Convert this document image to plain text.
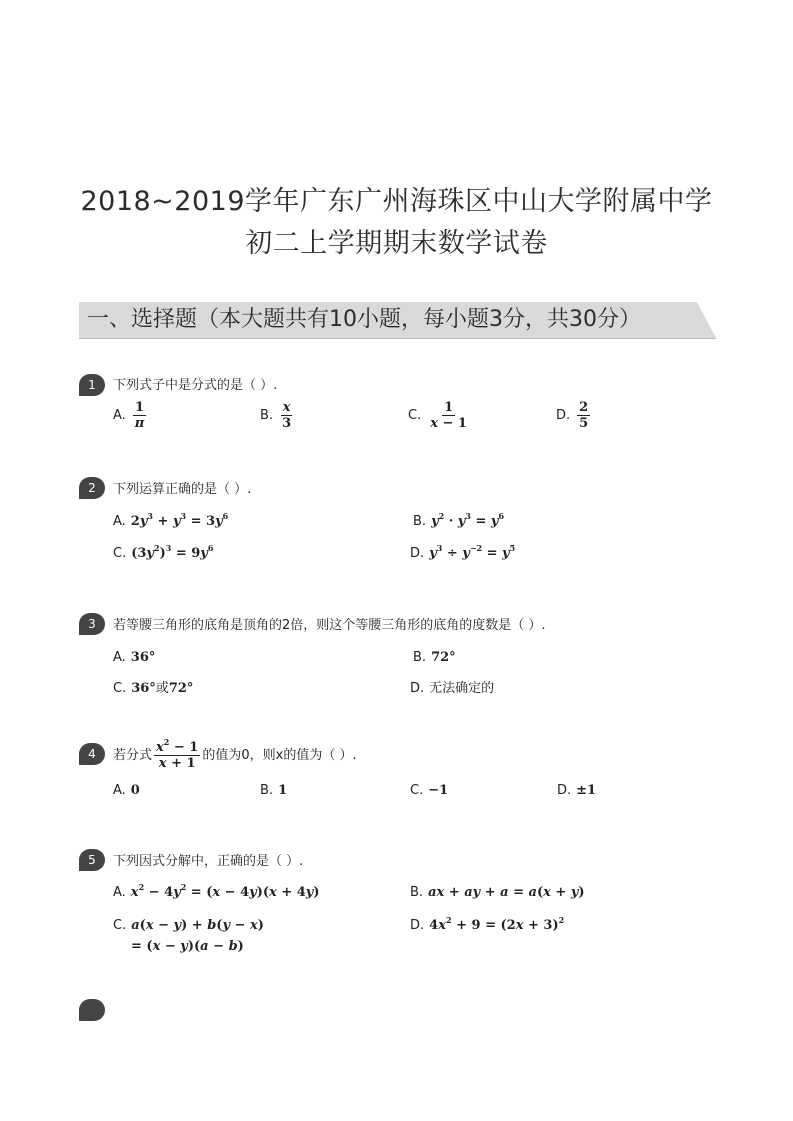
2018~2019学年广东广州海珠区中山大学附属中学
初二上学期期末数学试卷
一、选择题（本大题共有10小题，每小题3分，共30分）
1	下列式子中是分式的是（ ）.
A. $\frac{1}{\pi}$	B. $\frac{x}{3}$	C. $\frac{1}{x - 1}$	D. $\frac{2}{5}$
2	下列运算正确的是（ ）.
A. $2y^3 + y^3 = 3y^6$	B. $y^2 \cdot y^3 = y^6$
C. $(3y^2)^3 = 9y^6$	D. $y^3 \div y^{-2} = y^5$
3	若等腰三角形的底角是顶角的2倍，则这个等腰三角形的底角的度数是（ ）.
A. 36°	B. 72°
C. 36°或72°	D. 无法确定的
4	若分式 $\frac{x^2 - 1}{x + 1}$ 的值为0，则x的值为（ ）.
A. 0	B. 1	C. −1	D. ±1
5	下列因式分解中，正确的是（ ）.
A. $x^2 - 4y^2 = (x - 4y)(x + 4y)$	B. ax + ay + a = a(x + y)
C. a(x − y) + b(y − x)
= (x − y)(a − b)
D. $4x^2 + 9 = (2x + 3)^2$
